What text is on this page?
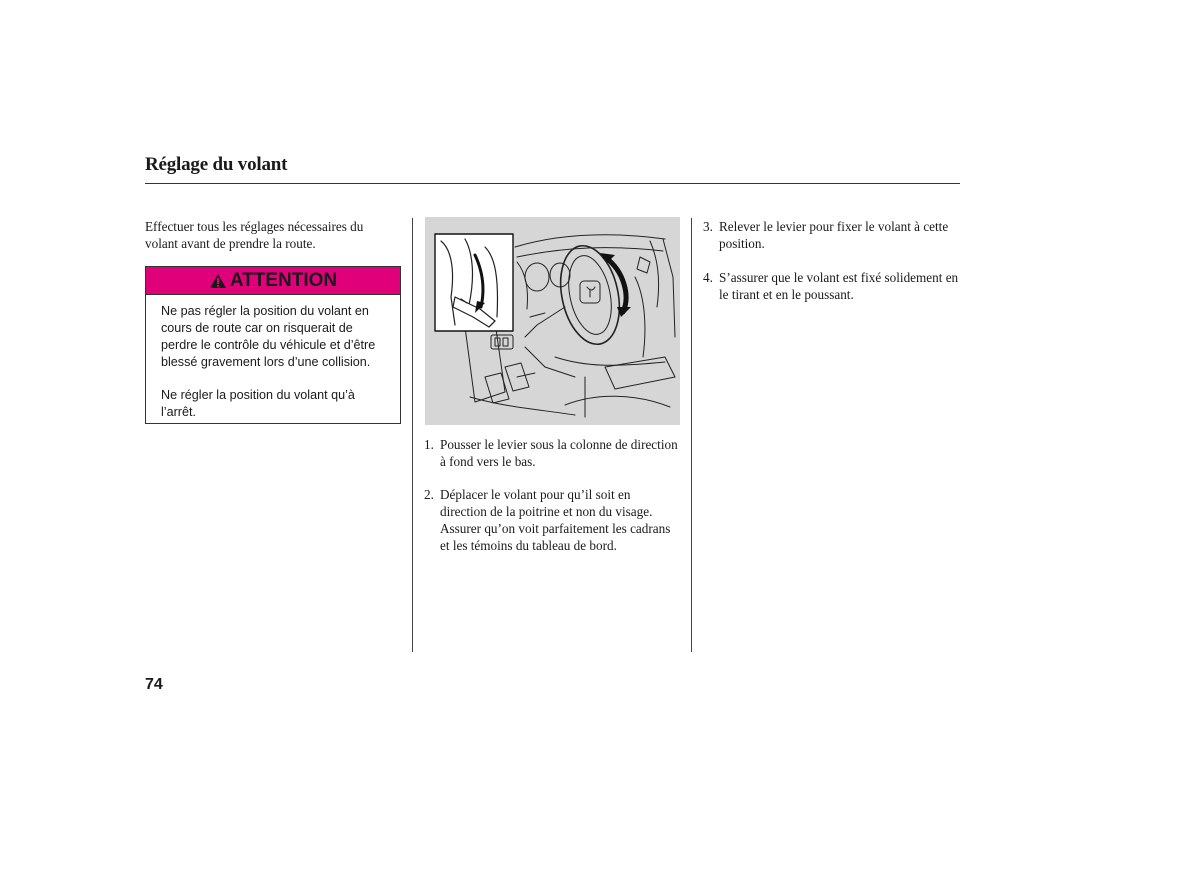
Réglage du volant
Effectuer tous les réglages nécessaires du volant avant de prendre la route.
ATTENTION

Ne pas régler la position du volant en cours de route car on risquerait de perdre le contrôle du véhicule et d’être blessé gravement lors d’une collision.

Ne régler la position du volant qu’à l’arrêt.

1. Pousser le levier sous la colonne de direction à fond vers le bas.
2. Déplacer le volant pour qu’il soit en direction de la poitrine et non du visage. Assurer qu’on voit parfaitement les cadrans et les témoins du tableau de bord.
3. Relever le levier pour fixer le volant à cette position.
4. S’assurer que le volant est fixé solidement en le tirant et en le poussant.
74
